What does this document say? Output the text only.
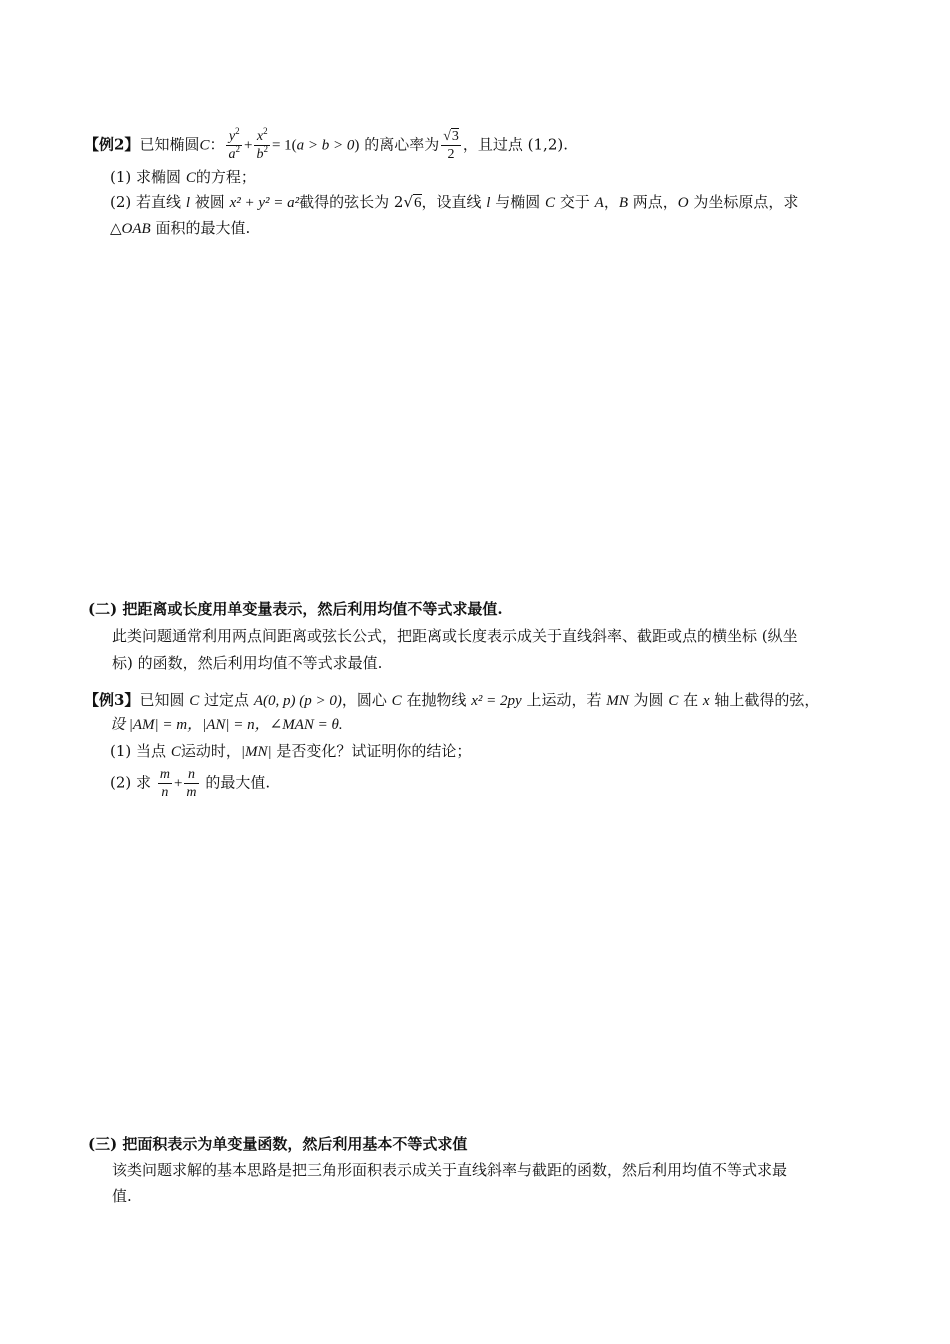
【例2】已知椭圆C： $\frac{y^2}{a^2} + \frac{x^2}{b^2} = 1(a > b > 0)$ 的离心率为 $\frac{√3}{2}$ ，且过点 (1,2).
(1) 求椭圆 C的方程；
(2) 若直线 l 被圆 x² + y² = a²截得的弦长为 2√6，设直线 l 与椭圆 C 交于 A，B 两点，O 为坐标原点，求
△OAB 面积的最大值.
(二) 把距离或长度用单变量表示，然后利用均值不等式求最值.
此类问题通常利用两点间距离或弦长公式，把距离或长度表示成关于直线斜率、截距或点的横坐标 (纵坐
标) 的函数，然后利用均值不等式求最值.
【例3】已知圆 C 过定点 A(0, p) (p > 0)，圆心 C 在抛物线 x² = 2py 上运动，若 MN 为圆 C 在 x 轴上截得的弦，
设 |AM| = m，|AN| = n，∠MAN = θ.
(1) 当点 C运动时，|MN| 是否变化？试证明你的结论；
(2) 求 $\frac{m}{n} + \frac{n}{m}$ 的最大值.
(三) 把面积表示为单变量函数，然后利用基本不等式求值
该类问题求解的基本思路是把三角形面积表示成关于直线斜率与截距的函数，然后利用均值不等式求最
值.
